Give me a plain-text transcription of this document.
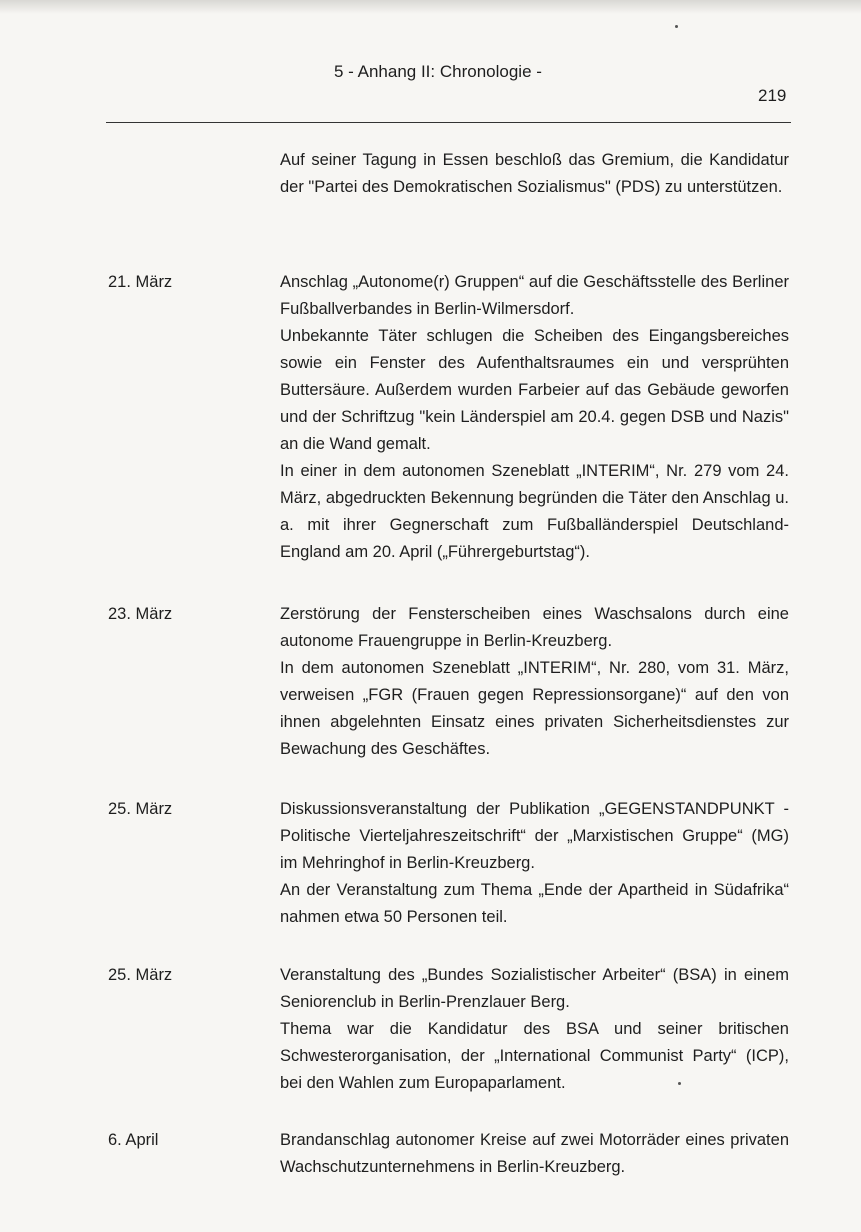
5 - Anhang II: Chronologie -
219

Auf seiner Tagung in Essen beschloß das Gremium, die Kandidatur der "Partei des Demokratischen Sozialismus" (PDS) zu unterstützen.

21. März	Anschlag „Autonome(r) Gruppen“ auf die Geschäftsstelle des Berliner Fußballverbandes in Berlin-Wilmersdorf.

Unbekannte Täter schlugen die Scheiben des Eingangsbereiches sowie ein Fenster des Aufenthaltsraumes ein und versprühten Buttersäure. Außerdem wurden Farbeier auf das Gebäude geworfen und der Schriftzug "kein Länderspiel am 20.4. gegen DSB und Nazis" an die Wand gemalt.

In einer in dem autonomen Szeneblatt „INTERIM“, Nr. 279 vom 24. März, abgedruckten Bekennung begründen die Täter den Anschlag u. a. mit ihrer Gegnerschaft zum Fußballänderspiel Deutschland-England am 20. April („Führergeburtstag“).

23. März	Zerstörung der Fensterscheiben eines Waschsalons durch eine autonome Frauengruppe in Berlin-Kreuzberg.

In dem autonomen Szeneblatt „INTERIM“, Nr. 280, vom 31. März, verweisen „FGR (Frauen gegen Repressionsorgane)“ auf den von ihnen abgelehnten Einsatz eines privaten Sicherheitsdienstes zur Bewachung des Geschäftes.

25. März	Diskussionsveranstaltung der Publikation „GEGENSTANDPUNKT - Politische Vierteljahreszeitschrift“ der „Marxistischen Gruppe“ (MG) im Mehringhof in Berlin-Kreuzberg.

An der Veranstaltung zum Thema „Ende der Apartheid in Südafrika“ nahmen etwa 50 Personen teil.

25. März	Veranstaltung des „Bundes Sozialistischer Arbeiter“ (BSA) in einem Seniorenclub in Berlin-Prenzlauer Berg.

Thema war die Kandidatur des BSA und seiner britischen Schwesterorganisation, der „International Communist Party“ (ICP), bei den Wahlen zum Europaparlament.

6. April	Brandanschlag autonomer Kreise auf zwei Motorräder eines privaten Wachschutzunternehmens in Berlin-Kreuzberg.
